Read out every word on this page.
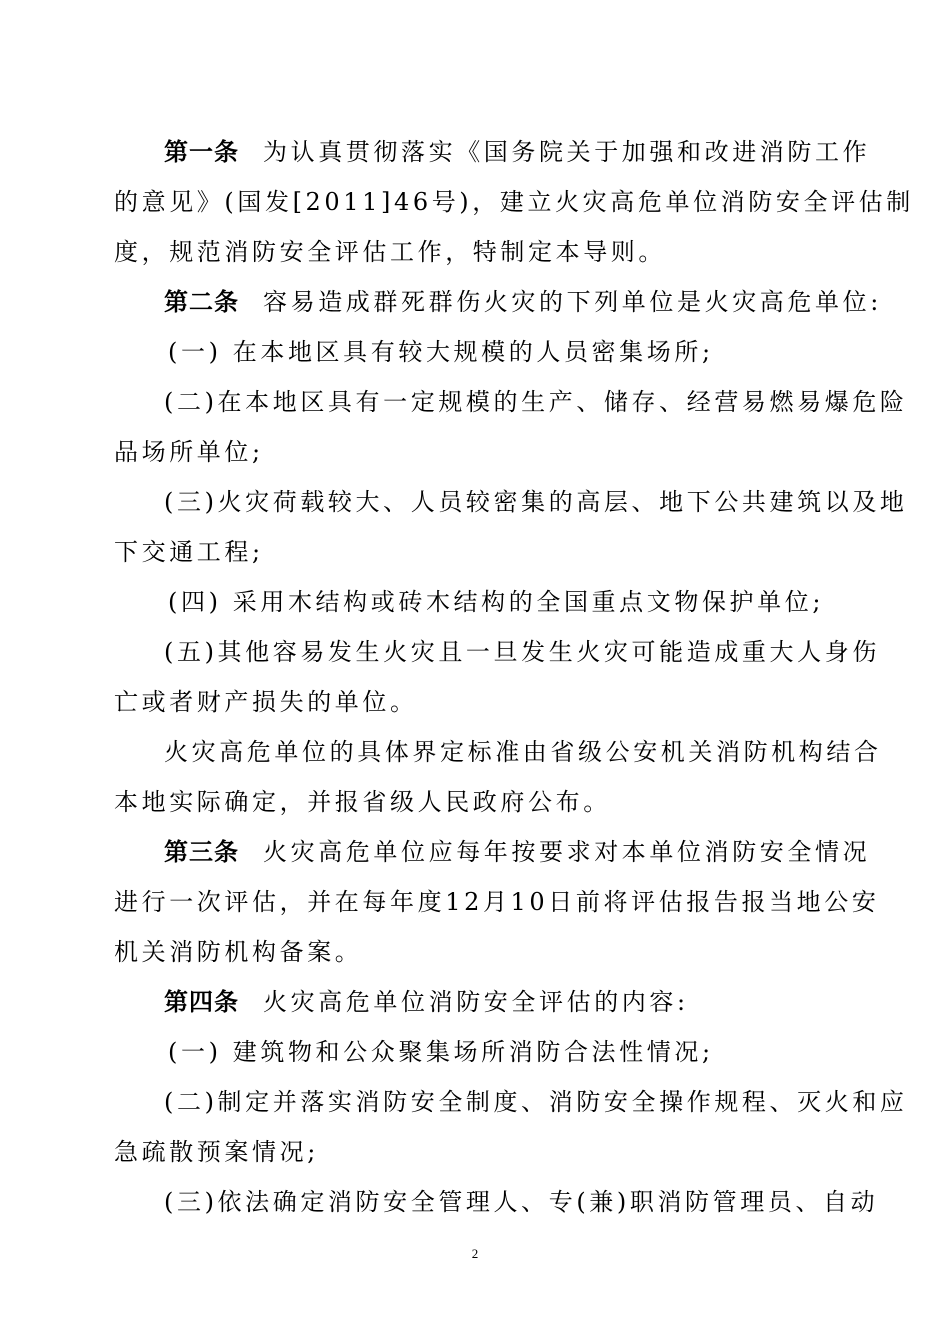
第一条 为认真贯彻落实《国务院关于加强和改进消防工作
的意见》(国发[2011]46号)，建立火灾高危单位消防安全评估制
度，规范消防安全评估工作，特制定本导则。
第二条 容易造成群死群伤火灾的下列单位是火灾高危单位:
(一) 在本地区具有较大规模的人员密集场所;
(二)在本地区具有一定规模的生产、储存、经营易燃易爆危险
品场所单位;
(三)火灾荷载较大、人员较密集的高层、地下公共建筑以及地
下交通工程;
(四) 采用木结构或砖木结构的全国重点文物保护单位;
(五)其他容易发生火灾且一旦发生火灾可能造成重大人身伤
亡或者财产损失的单位。
火灾高危单位的具体界定标准由省级公安机关消防机构结合
本地实际确定，并报省级人民政府公布。
第三条 火灾高危单位应每年按要求对本单位消防安全情况
进行一次评估，并在每年度12月10日前将评估报告报当地公安
机关消防机构备案。
第四条 火灾高危单位消防安全评估的内容:
(一) 建筑物和公众聚集场所消防合法性情况;
(二)制定并落实消防安全制度、消防安全操作规程、灭火和应
急疏散预案情况;
(三)依法确定消防安全管理人、专(兼)职消防管理员、自动
2
